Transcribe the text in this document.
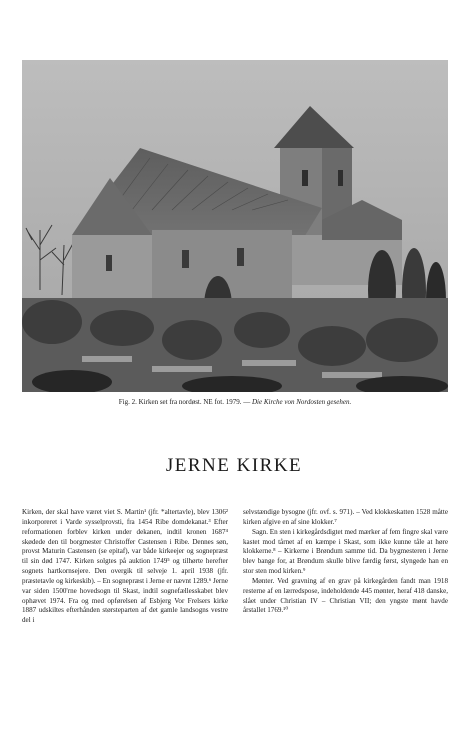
Fig. 2. Kirken set fra nordøst. NE fot. 1979. — Die Kirche von Nordosten gesehen.
JERNE KIRKE

Kirken, der skal have været viet S. Martin¹ (jfr. *altertavle), blev 1306² inkorporeret i Varde sysselprovsti, fra 1454 Ribe domdekanat.³ Efter reformationen forblev kirken under dekanen, indtil kronen 1687⁴ skødede den til borgmester Christoffer Castensen i Ribe. Dennes søn, provst Maturin Castensen (se epitaf), var både kirkeejer og sognepræst til sin død 1747. Kirken solgtes på auktion 1749⁵ og tilhørte herefter sognets hartkornsejere. Den overgik til selveje 1. april 1938 (jfr. præstetavle og kirkeskib). – En sognepræst i Jerne er nævnt 1289.⁶ Jerne var siden 1500'rne hovedsogn til Skast, indtil sognefællesskabet blev ophævet 1974. Fra og med opførelsen af Esbjerg Vor Frelsers kirke 1887 udskiltes efterhånden størsteparten af det gamle landsogns vestre del i

selvstændige bysogne (jfr. ovf. s. 971). – Ved klokkeskatten 1528 måtte kirken afgive en af sine klokker.⁷

Sagn. En sten i kirkegårdsdigtet med mærker af fem fingre skal være kastet mod tårnet af en kæmpe i Skast, som ikke kunne tåle at høre klokkerne.⁸ – Kirkerne i Brøndum samme tid. Da bygmesteren i Jerne blev bange for, at Brøndum skulle blive færdig først, slyngede han en stor sten mod kirken.⁹

Mønter. Ved gravning af en grav på kirkegården fandt man 1918 resterne af en lærredspose, indeholdende 445 mønter, heraf 418 danske, slået under Christian IV – Christian VII; den yngste mønt havde årstallet 1769.¹⁰
